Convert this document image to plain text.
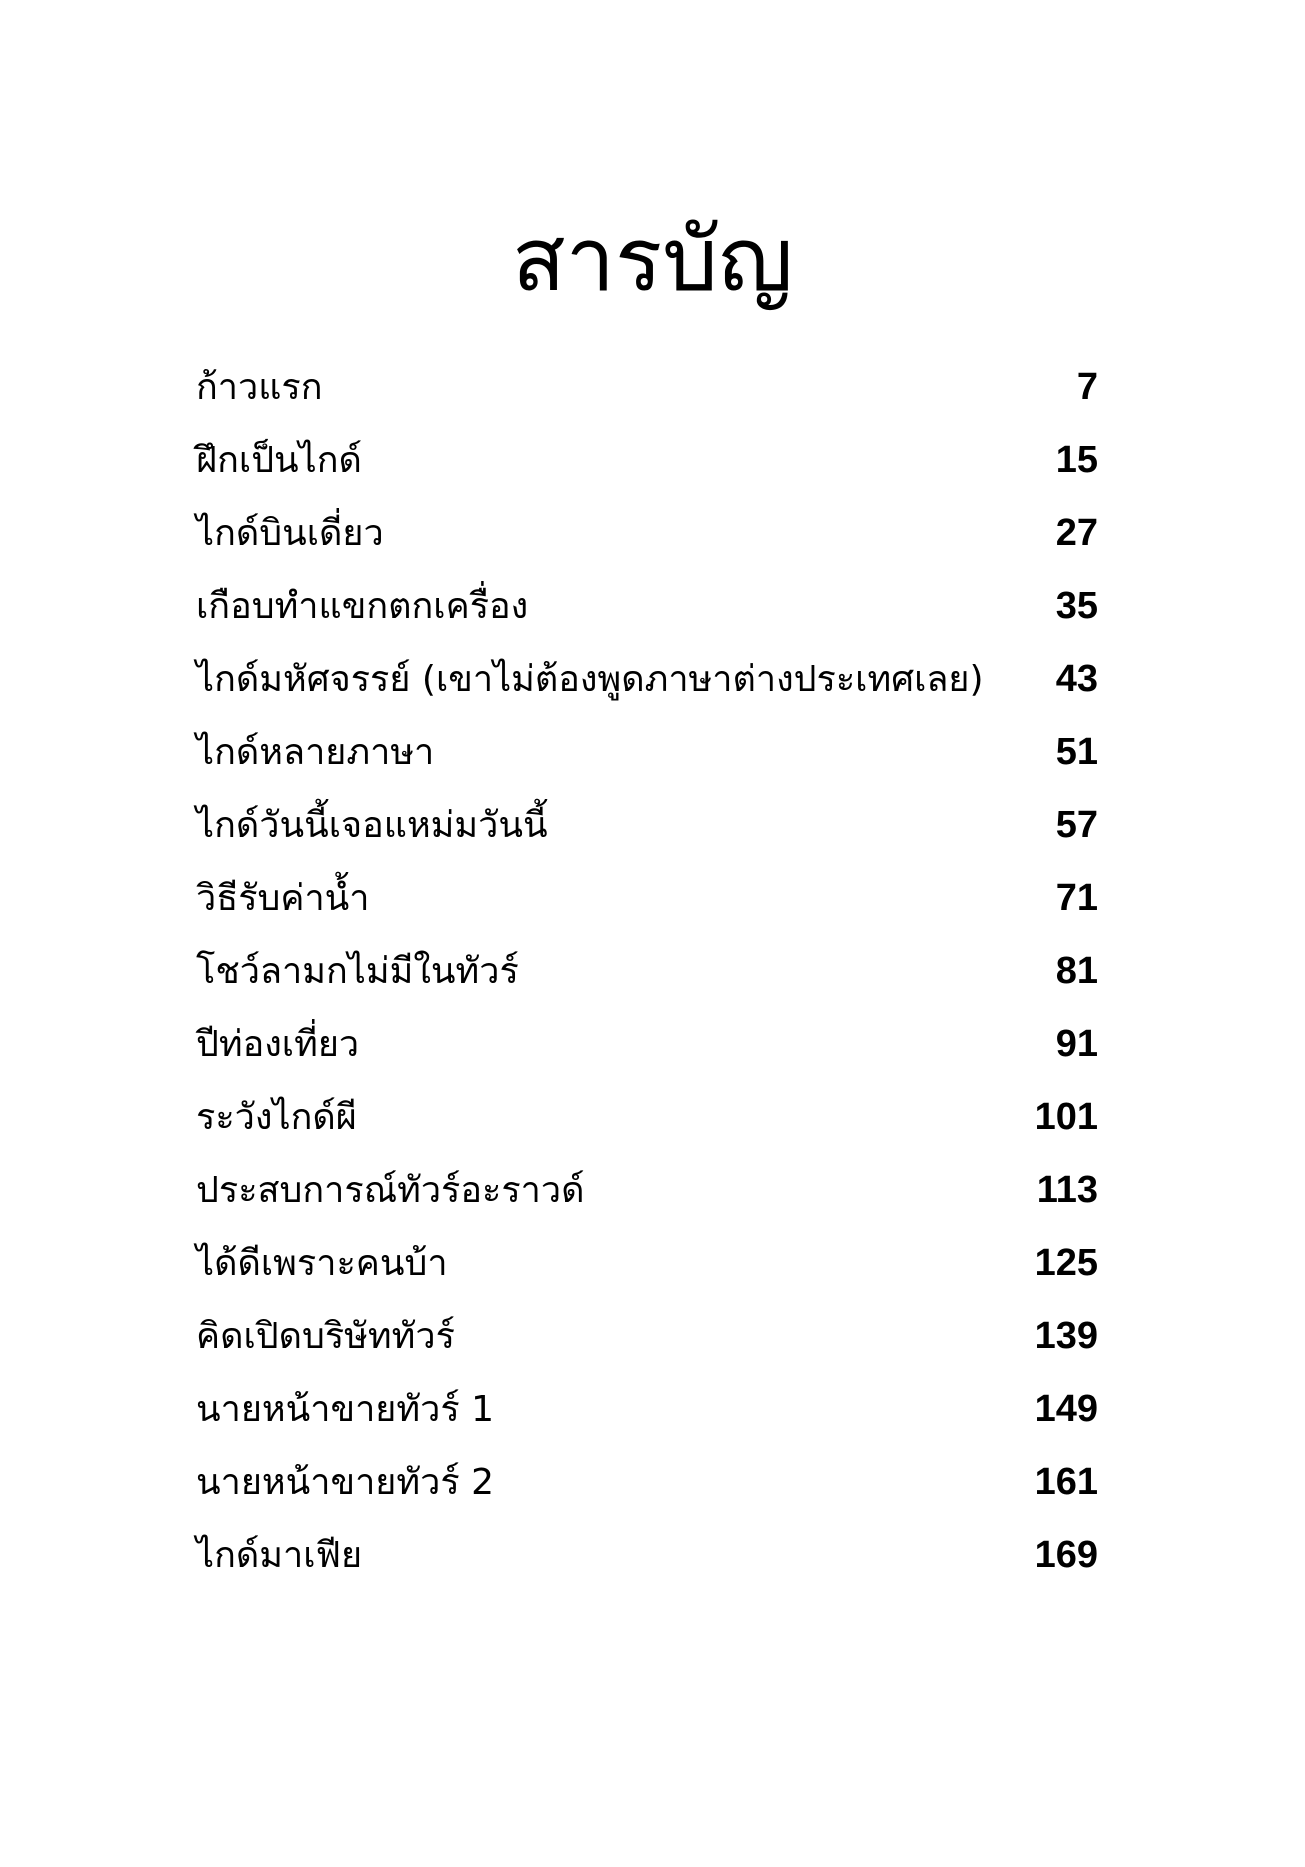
สารบัญ
ก้าวแรก	7
ฝึกเป็นไกด์	15
ไกด์บินเดี่ยว	27
เกือบทำแขกตกเครื่อง	35
ไกด์มหัศจรรย์ (เขาไม่ต้องพูดภาษาต่างประเทศเลย) 43
ไกด์หลายภาษา	51
ไกด์วันนี้เจอแหม่มวันนี้	57
วิธีรับค่าน้ำ	71
โชว์ลามกไม่มีในทัวร์	81
ปีท่องเที่ยว	91
ระวังไกด์ผี	101
ประสบการณ์ทัวร์อะราวด์	113
ได้ดีเพราะคนบ้า	125
คิดเปิดบริษัททัวร์	139
นายหน้าขายทัวร์ 1	149
นายหน้าขายทัวร์ 2	161
ไกด์มาเฟีย	169
